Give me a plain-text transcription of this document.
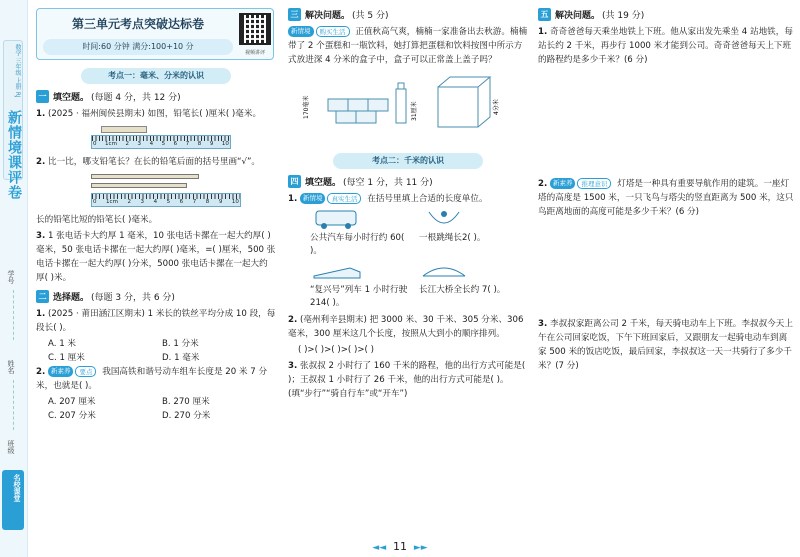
数学 三年级 上册 RJ
新情境课评卷
学号
姓名
班级
名校课堂
第三单元考点突破达标卷
时间:60 分钟 满分:100+10 分
视频讲评
考点一：毫米、分米的认识
一 填空题。 (每题 4 分，共 12 分)
1. (2025 · 福州闽侯县期末) 如图，铅笔长( )厘米( )毫米。
0 1cm 2 3 4 5 6 7 8 9 10
2. 比一比，哪支铅笔长？在长的铅笔后面的括号里画“√”。
0 1cm 2 3 4 5 6 7 8 9 10
长的铅笔比短的铅笔长( )毫米。
3. 1 张电话卡大约厚 1 毫米，10 张电话卡摞在一起大约厚( )毫米，50 张电话卡摞在一起大约厚( )毫米，=( )厘米，500 张电话卡摞在一起大约厚( )分米，5000 张电话卡摞在一起大约厚( )米。
二 选择题。 (每题 3 分，共 6 分)
1. (2025 · 莆田涵江区期末) 1 米长的铁丝平均分成 10 段，每段长( )。
A. 1 米	B. 1 分米
C. 1 厘米	D. 1 毫米
2. 新素养 要点 我国高铁和谐号动车组车长度是 20 米 7 分米，也就是( )。
A. 207 厘米	B. 270 厘米
C. 207 分米	D. 270 分米
三 解决问题。 (共 5 分)
新情境 购买生活 正值秋高气爽，楠楠一家准备出去秋游。楠楠带了 2 个蛋糕和一瓶饮料，她打算把蛋糕和饮料按图中所示方式放进深 4 分米的盒子中，盒子可以正常盖上盖子吗？
170毫米	31厘米	4分米
考点二：千米的认识
四 填空题。 (每空 1 分，共 11 分)
1. 新情境 真实生活 在括号里填上合适的长度单位。
公共汽车每小时行约 60( )。
一根跳绳长2( )。
“复兴号”列车 1 小时行驶 214( )。
长江大桥全长约 7( )。
2. (亳州利辛县期末) 把 3000 米、30 千米、305 分米、306 毫米，300 厘米这几个长度，按照从大到小的顺序排列。
( )>( )>( )>( )>( )
3. 张叔叔 2 小时行了 160 千米的路程，他的出行方式可能是( )；王叔叔 1 小时行了 26 千米，他的出行方式可能是( )。(填“步行”“骑自行车”或“开车”)
五 解决问题。 (共 19 分)
1. 奇奇爸爸每天乘坐地铁上下班。他从家出发先乘坐 4 站地铁，每站长约 2 千米，再步行 1000 米才能到公司。奇奇爸爸每天上下班的路程约是多少千米？(6 分)
2. 新素养 推理意识 灯塔是一种具有重要导航作用的建筑。一座灯塔的高度是 1500 米，一只飞鸟与塔尖的竖直距离为 500 米，这只鸟距离地面的高度可能是多少千米？(6 分)
3. 李叔叔家距离公司 2 千米，每天骑电动车上下班。李叔叔今天上午在公司回家吃饭，下午下班回家后，又跟朋友一起骑电动车到离家 500 米的饭店吃饭，最后回家，李叔叔这一天一共骑行了多少千米？(7 分)
◄◄ 11 ►►
